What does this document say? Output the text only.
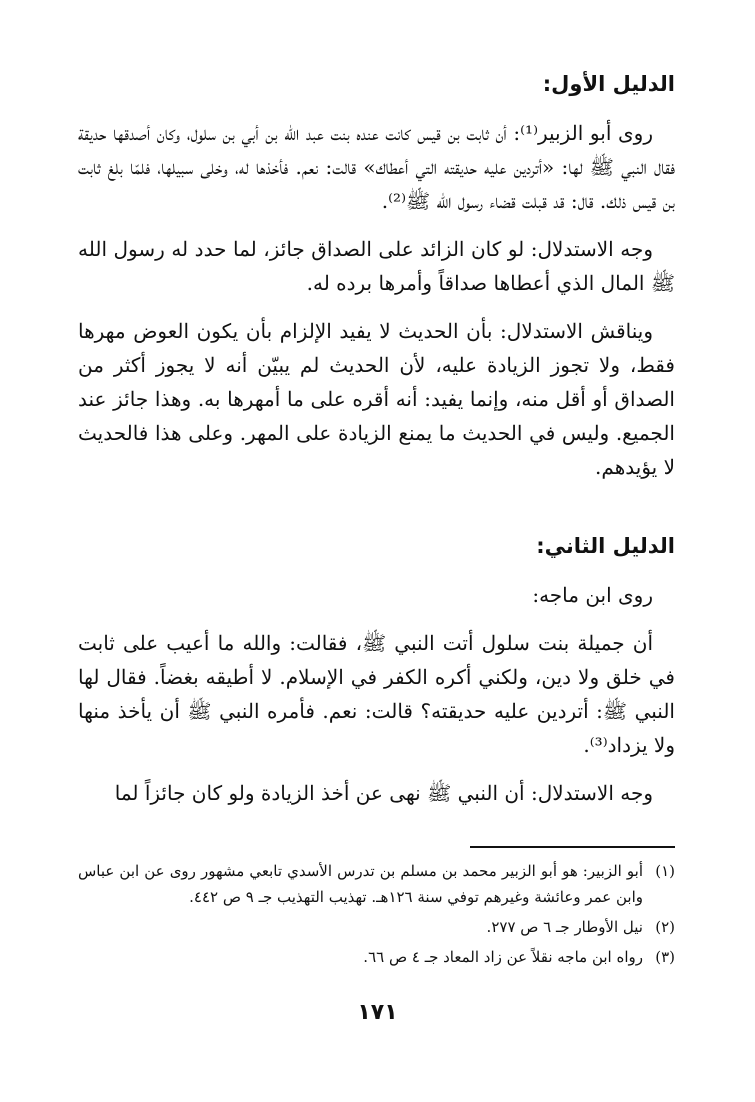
الدليل الأول:

روى أبو الزبير⁽¹⁾: أن ثابت بن قيس كانت عنده بنت عبد الله بن أبي بن سلول، وكان أصدقها حديقة فقال النبي ﷺ لها: «أتردين عليه حديقته التي أعطاك» قالت: نعم. فأخذها له، وخلى سبيلها، فلمّا بلغ ثابت بن قيس ذلك. قال: قد قبلت قضاء رسول الله ﷺ⁽²⁾.

وجه الاستدلال: لو كان الزائد على الصداق جائز، لما حدد له رسول الله ﷺ المال الذي أعطاها صداقاً وأمرها برده له.

ويناقش الاستدلال: بأن الحديث لا يفيد الإلزام بأن يكون العوض مهرها فقط، ولا تجوز الزيادة عليه، لأن الحديث لم يبيّن أنه لا يجوز أكثر من الصداق أو أقل منه، وإنما يفيد: أنه أقره على ما أمهرها به. وهذا جائز عند الجميع. وليس في الحديث ما يمنع الزيادة على المهر. وعلى هذا فالحديث لا يؤيدهم.

الدليل الثاني:

روى ابن ماجه:

أن جميلة بنت سلول أتت النبي ﷺ، فقالت: والله ما أعيب على ثابت في خلق ولا دين، ولكني أكره الكفر في الإسلام. لا أطيقه بغضاً. فقال لها النبي ﷺ: أتردين عليه حديقته؟ قالت: نعم. فأمره النبي ﷺ أن يأخذ منها ولا يزداد⁽³⁾.

وجه الاستدلال: أن النبي ﷺ نهى عن أخذ الزيادة ولو كان جائزاً لما

(١)
أبو الزبير: هو أبو الزبير محمد بن مسلم بن تدرس الأسدي تابعي مشهور روى عن ابن عباس وابن عمر وعائشة وغيرهم توفي سنة ١٢٦هـ. تهذيب التهذيب جـ ٩ ص ٤٤٢.
(٢)
نيل الأوطار جـ ٦ ص ٢٧٧.
(٣)
رواه ابن ماجه نقلاً عن زاد المعاد جـ ٤ ص ٦٦.
١٧١
